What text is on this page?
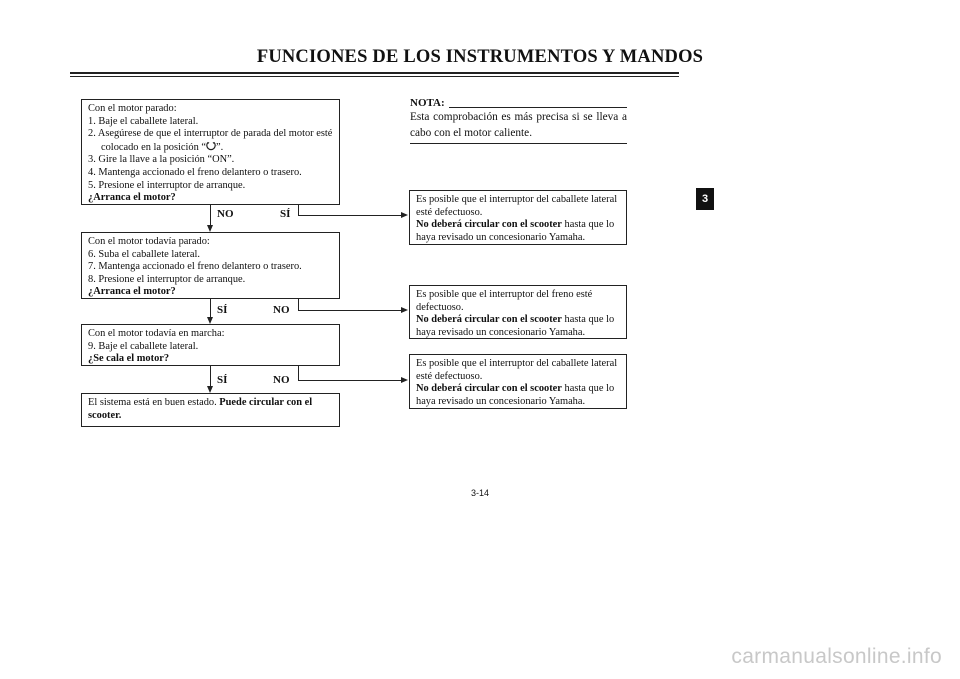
FUNCIONES DE LOS INSTRUMENTOS Y MANDOS
Con el motor parado:
1. Baje el caballete lateral.
2. Asegúrese de que el interruptor de parada del motor esté
colocado en la posición “ ”.
3. Gire la llave a la posición “ON”.
4. Mantenga accionado el freno delantero o trasero.
5. Presione el interruptor de arranque.
¿Arranca el motor?
NO	SÍ
Con el motor todavía parado:
6. Suba el caballete lateral.
7. Mantenga accionado el freno delantero o trasero.
8. Presione el interruptor de arranque.
¿Arranca el motor?
SÍ	NO
Con el motor todavía en marcha:
9. Baje el caballete lateral.
¿Se cala el motor?
SÍ	NO
El sistema está en buen estado. Puede circular con el
scooter.
Es posible que el interruptor del caballete lateral
esté defectuoso.
No deberá circular con el scooter hasta que lo
haya revisado un concesionario Yamaha.
Es posible que el interruptor del freno esté
defectuoso.
No deberá circular con el scooter hasta que lo
haya revisado un concesionario Yamaha.
Es posible que el interruptor del caballete lateral
esté defectuoso.
No deberá circular con el scooter hasta que lo
haya revisado un concesionario Yamaha.
NOTA:
Esta comprobación es más precisa si se lleva a cabo con el motor caliente.
3
3-14
carmanualsonline.info
